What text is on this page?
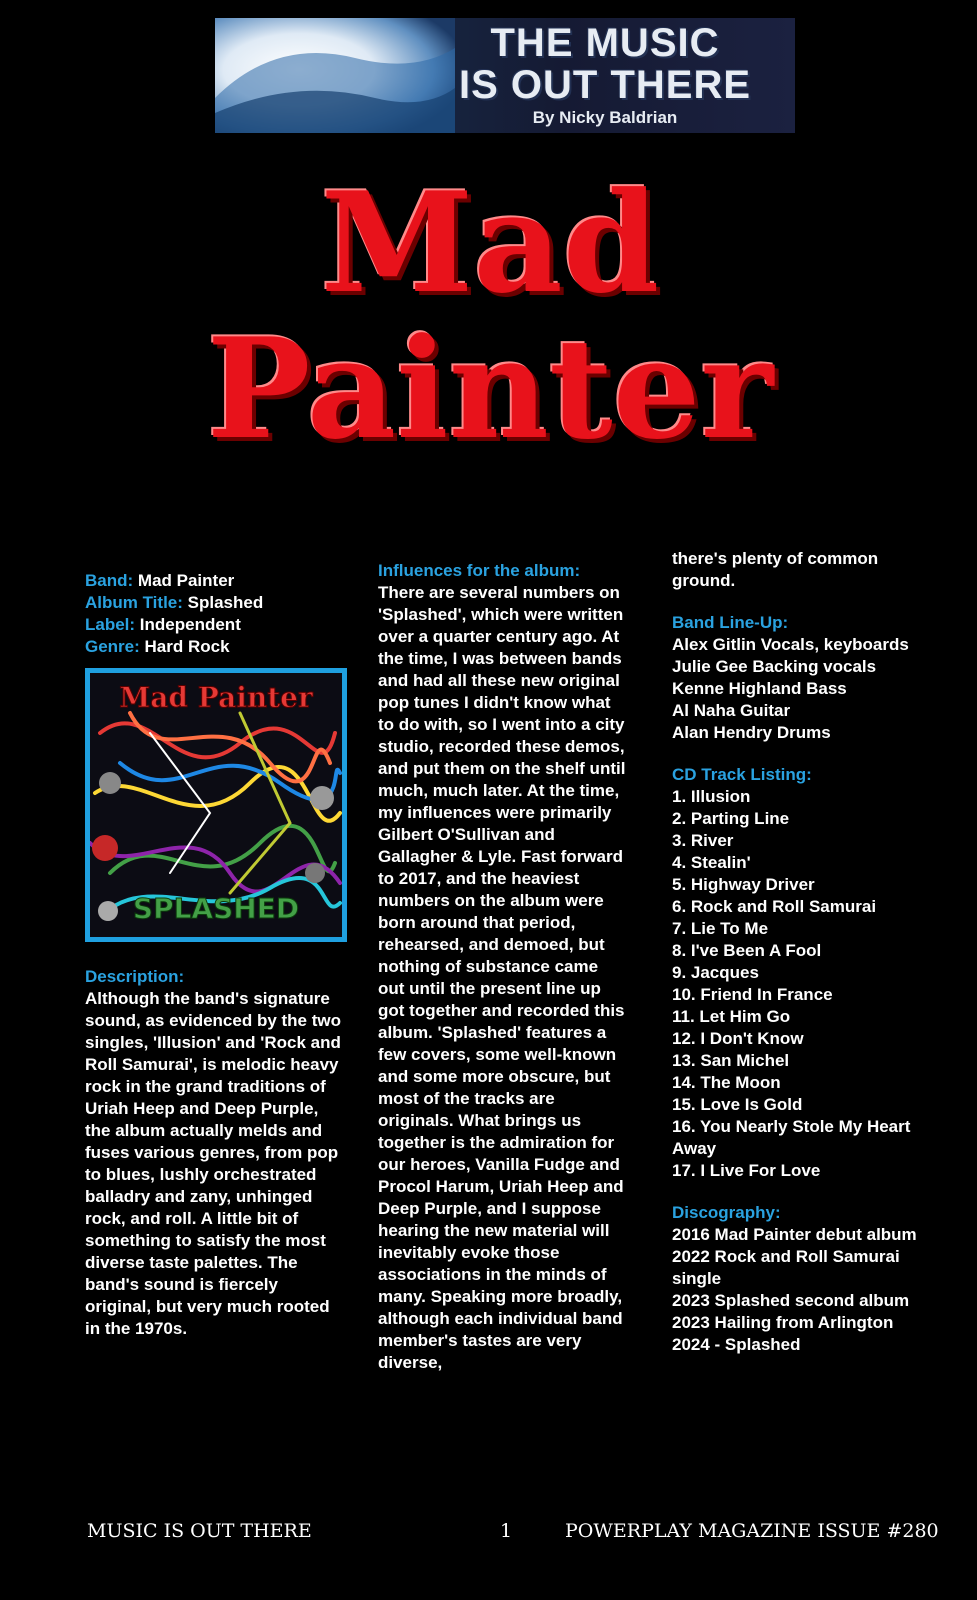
THE MUSIC
IS OUT THERE
By Nicky Baldrian
Mad
Painter
Band: Mad Painter
Album Title: Splashed
Label: Independent
Genre: Hard Rock
Mad Painter
SPLASHED
Description:
Although the band's signature sound, as evidenced by the two singles, 'Illusion' and 'Rock and Roll Samurai', is melodic heavy rock in the grand traditions of Uriah Heep and Deep Purple, the album actually melds and fuses various genres, from pop to blues, lushly orchestrated balladry and zany, unhinged rock, and roll. A little bit of something to satisfy the most diverse taste palettes. The band's sound is fiercely original, but very much rooted in the 1970s.
Influences for the album:
There are several numbers on 'Splashed', which were written over a quarter century ago. At the time, I was between bands and had all these new original pop tunes I didn't know what to do with, so I went into a city studio, recorded these demos, and put them on the shelf until much, much later. At the time, my influences were primarily Gilbert O'Sullivan and Gallagher & Lyle. Fast forward to 2017, and the heaviest numbers on the album were born around that period, rehearsed, and demoed, but nothing of substance came out until the present line up got together and recorded this album. 'Splashed' features a few covers, some well-known and some more obscure, but most of the tracks are originals. What brings us together is the admiration for our heroes, Vanilla Fudge and Procol Harum, Uriah Heep and Deep Purple, and I suppose hearing the new material will inevitably evoke those associations in the minds of many. Speaking more broadly, although each individual band member's tastes are very diverse,
there's plenty of common ground.
Band Line-Up:
Alex Gitlin Vocals, keyboards
Julie Gee Backing vocals
Kenne Highland Bass
Al Naha Guitar
Alan Hendry Drums
CD Track Listing:
1. Illusion
2. Parting Line
3. River
4. Stealin'
5. Highway Driver
6. Rock and Roll Samurai
7. Lie To Me
8. I've Been A Fool
9. Jacques
10. Friend In France
11. Let Him Go
12. I Don't Know
13. San Michel
14. The Moon
15. Love Is Gold
16. You Nearly Stole My Heart Away
17. I Live For Love
Discography:
2016 Mad Painter debut album
2022 Rock and Roll Samurai single
2023 Splashed second album
2023 Hailing from Arlington
2024 - Splashed
MUSIC IS OUT THERE	1	POWERPLAY MAGAZINE ISSUE #280
